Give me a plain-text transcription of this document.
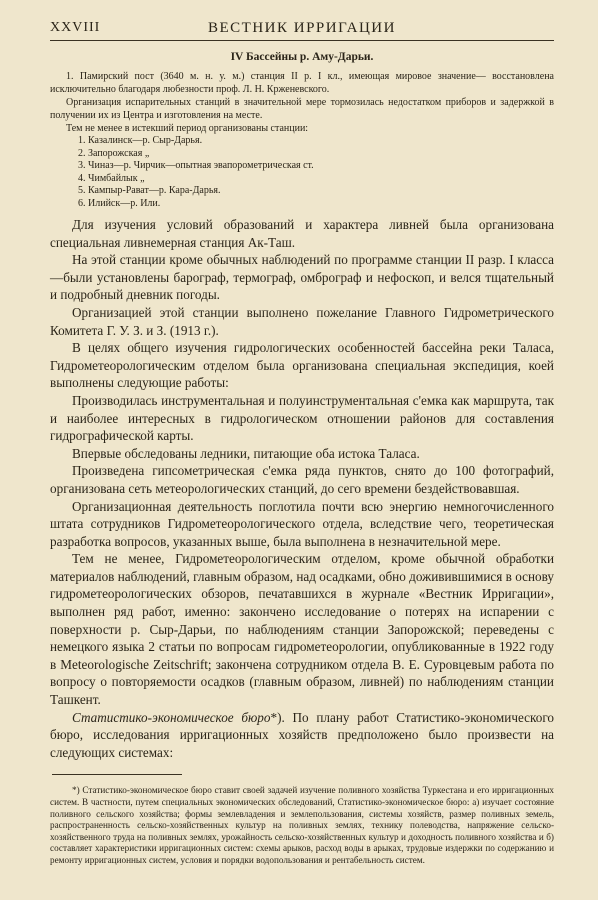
XXVIII	ВЕСТНИК ИРРИГАЦИИ
IV Бассейны р. Аму-Дарьи.

1. Памирский пост (3640 м. н. у. м.) станция II р. I кл., имеющая мировое значение— восстановлена исключительно благодаря любезности проф. Л. Н. Крженевского.

Организация испарительных станций в значительной мере тормозилась недостатком приборов и задержкой в получении их из Центра и изготовления на месте.

Тем не менее в истекший период организованы станции:

1. Казалинск—р. Сыр-Дарья.
2. Запорожская „
3. Чиназ—р. Чирчик—опытная эвапорометрическая ст.
4. Чимбайлык „
5. Кампыр-Рават—р. Кара-Дарья.
6. Илийск—р. Или.

Для изучения условий образований и характера ливней была организована специальная ливнемерная станция Ак-Таш.

На этой станции кроме обычных наблюдений по программе станции II разр. I класса—были установлены барограф, термограф, омброграф и нефоскоп, и велся тщательный и подробный дневник погоды.

Организацией этой станции выполнено пожелание Главного Гидрометрического Комитета Г. У. З. и З. (1913 г.).

В целях общего изучения гидрологических особенностей бассейна реки Таласа, Гидрометеорологическим отделом была организована специальная экспедиция, коей выполнены следующие работы:

Производилась инструментальная и полуинструментальная с'емка как маршрута, так и наиболее интересных в гидрологическом отношении районов для составления гидрографической карты.

Впервые обследованы ледники, питающие оба истока Таласа.

Произведена гипсометрическая с'емка ряда пунктов, снято до 100 фотографий, организована сеть метеорологических станций, до сего времени бездействовавшая.

Организационная деятельность поглотила почти всю энергию немногочисленного штата сотрудников Гидрометеорологического отдела, вследствие чего, теоретическая разработка вопросов, указанных выше, была выполнена в незначительной мере.

Тем не менее, Гидрометеорологическим отделом, кроме обычной обработки материалов наблюдений, главным образом, над осадками, обно доживившимися в основу гидрометеорологических обзоров, печатавшихся в журнале «Вестник Ирригации», выполнен ряд работ, именно: закончено исследование о потерях на испарении с поверхности р. Сыр-Дарьи, по наблюдениям станции Запорожской; переведены с немецкого языка 2 статьи по вопросам гидрометеорологии, опубликованные в 1922 году в Meteorologische Zeitschrift; закончена сотрудником отдела В. Е. Суровцевым работа по вопросу о повторяемости осадков (главным образом, ливней) по наблюдениям станции Ташкент.

Статистико-экономическое бюро*). По плану работ Статистико-экономического бюро, исследования ирригационных хозяйств предположено было произвести на следующих системах:

*) Статистико-экономическое бюро ставит своей задачей изучение поливного хозяйства Туркестана и его ирригационных систем. В частности, путем специальных экономических обследований, Статистико-экономическое бюро: а) изучает состояние поливного сельского хозяйства; формы землевладения и землепользования, системы хозяйств, размер поливных земель, распространенность сельско-хозяйственных культур на поливных землях, технику полеводства, напряжение сельско-хозяйственного труда на поливных землях, урожайность сельско-хозяйственных культур и доходность поливного хозяйства и б) составляет характеристики ирригационных систем: схемы арыков, расход воды в арыках, трудовые издержки по содержанию и ремонту ирригационных систем, условия и порядки водопользования и рентабельность систем.
